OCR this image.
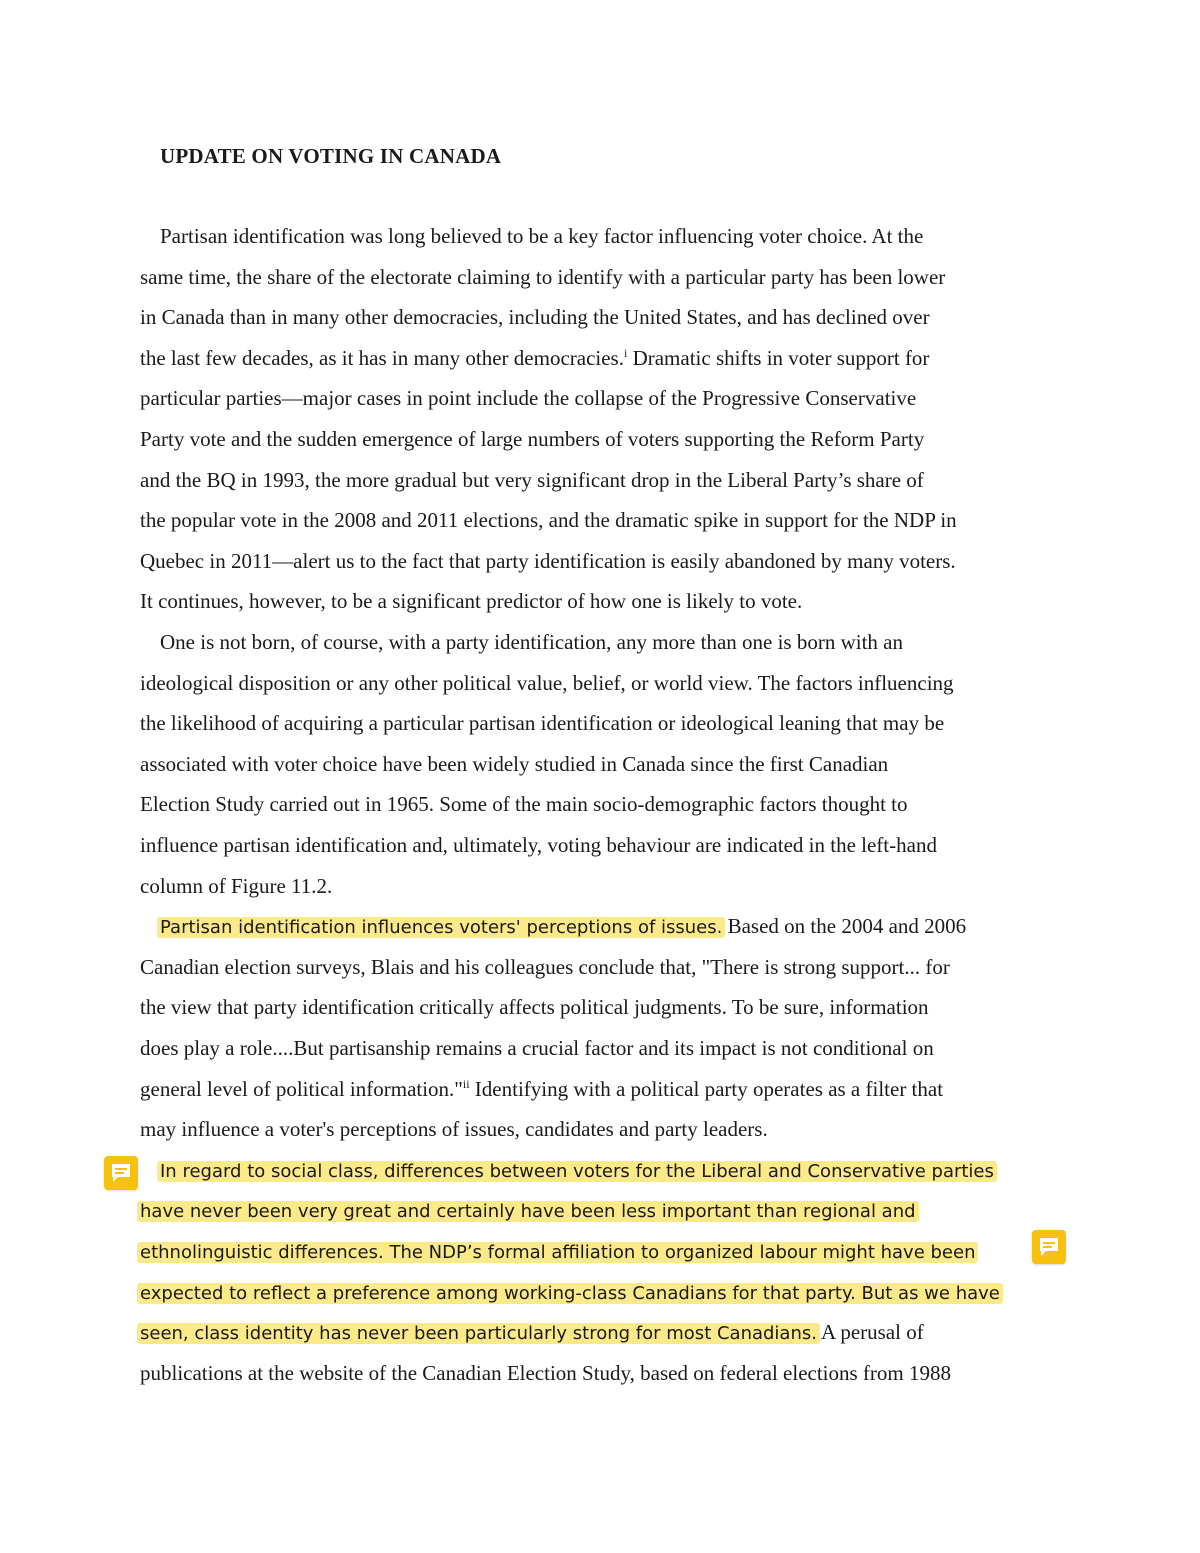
UPDATE ON VOTING IN CANADA
Partisan identification was long believed to be a key factor influencing voter choice. At the
same time, the share of the electorate claiming to identify with a particular party has been lower
in Canada than in many other democracies, including the United States, and has declined over
the last few decades, as it has in many other democracies.$^i$ Dramatic shifts in voter support for
particular parties—major cases in point include the collapse of the Progressive Conservative
Party vote and the sudden emergence of large numbers of voters supporting the Reform Party
and the BQ in 1993, the more gradual but very significant drop in the Liberal Party’s share of
the popular vote in the 2008 and 2011 elections, and the dramatic spike in support for the NDP in
Quebec in 2011—alert us to the fact that party identification is easily abandoned by many voters.
It continues, however, to be a significant predictor of how one is likely to vote.
One is not born, of course, with a party identification, any more than one is born with an
ideological disposition or any other political value, belief, or world view. The factors influencing
the likelihood of acquiring a particular partisan identification or ideological leaning that may be
associated with voter choice have been widely studied in Canada since the first Canadian
Election Study carried out in 1965. Some of the main socio-demographic factors thought to
influence partisan identification and, ultimately, voting behaviour are indicated in the left-hand
column of Figure 11.2.
Partisan identification influences voters' perceptions of issues. Based on the 2004 and 2006
Canadian election surveys, Blais and his colleagues conclude that, "There is strong support... for
the view that party identification critically affects political judgments. To be sure, information
does play a role....But partisanship remains a crucial factor and its impact is not conditional on
general level of political information."$^{ii}$ Identifying with a political party operates as a filter that
may influence a voter's perceptions of issues, candidates and party leaders.
In regard to social class, differences between voters for the Liberal and Conservative parties
have never been very great and certainly have been less important than regional and
ethnolinguistic differences. The NDP’s formal affiliation to organized labour might have been
expected to reflect a preference among working-class Canadians for that party. But as we have
seen, class identity has never been particularly strong for most Canadians. A perusal of
publications at the website of the Canadian Election Study, based on federal elections from 1988
